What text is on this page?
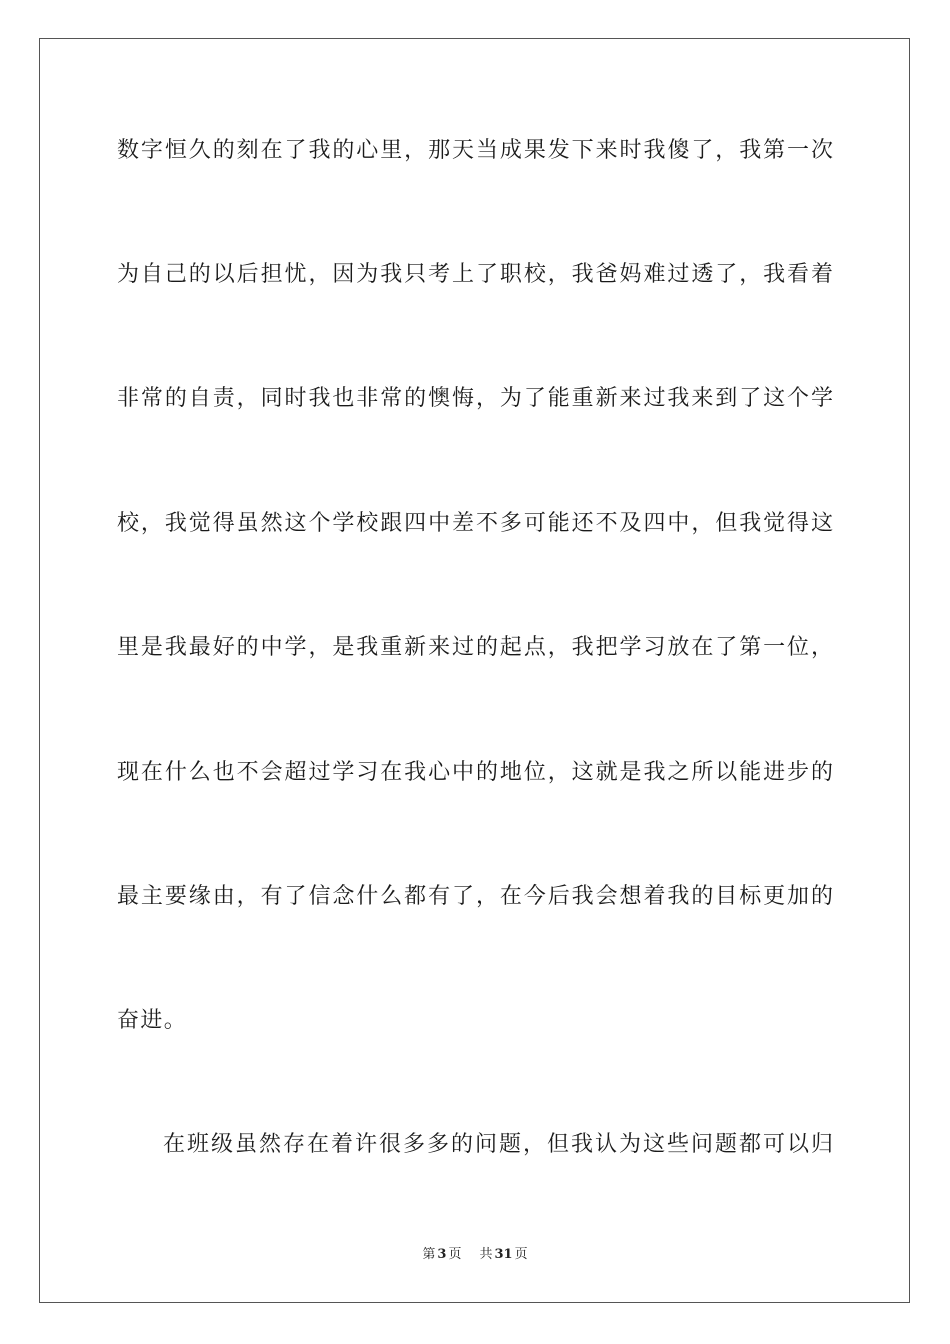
数字恒久的刻在了我的心里，那天当成果发下来时我傻了，我第一次
为自己的以后担忧，因为我只考上了职校，我爸妈难过透了，我看着
非常的自责，同时我也非常的懊悔，为了能重新来过我来到了这个学
校，我觉得虽然这个学校跟四中差不多可能还不及四中，但我觉得这
里是我最好的中学，是我重新来过的起点，我把学习放在了第一位，
现在什么也不会超过学习在我心中的地位，这就是我之所以能进步的
最主要缘由，有了信念什么都有了，在今后我会想着我的目标更加的
奋进。
在班级虽然存在着许很多多的问题，但我认为这些问题都可以归
第 3 页 共 31 页
